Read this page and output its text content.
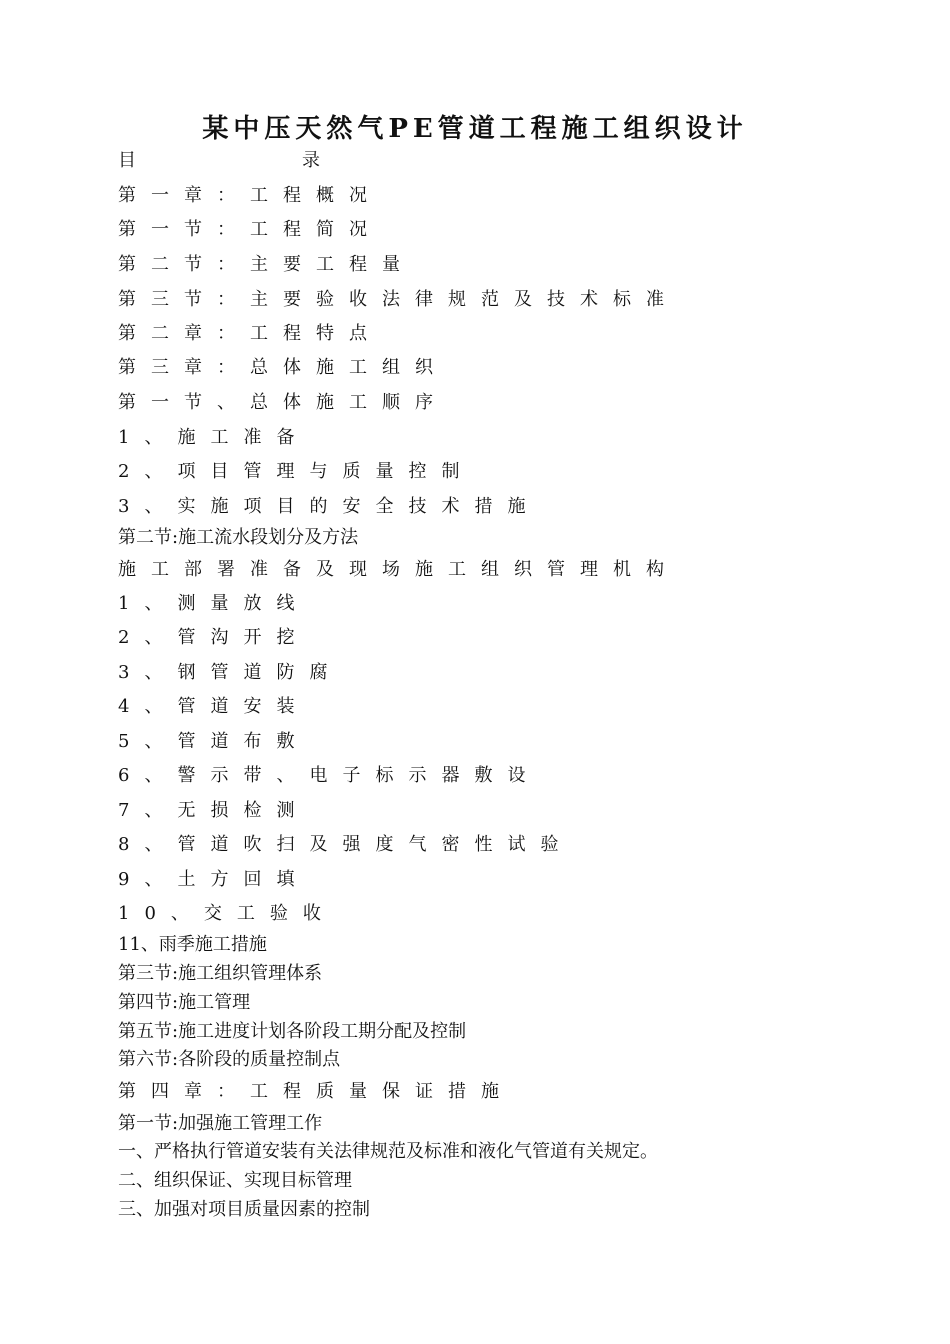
某中压天然气PE管道工程施工组织设计
目	录
第一章：工程概况
第一节：工程简况
第二节：主要工程量
第三节：主要验收法律规范及技术标准
第二章：工程特点
第三章：总体施工组织
第一节、总体施工顺序
1、施工准备
2、项目管理与质量控制
3、实施项目的安全技术措施
第二节:施工流水段划分及方法
施工部署准备及现场施工组织管理机构
1、测量放线
2、管沟开挖
3、钢管道防腐
4、管道安装
5、管道布敷
6、警示带、电子标示器敷设
7、无损检测
8、管道吹扫及强度气密性试验
9、土方回填
10、交工验收
11、雨季施工措施
第三节:施工组织管理体系
第四节:施工管理
第五节:施工进度计划各阶段工期分配及控制
第六节:各阶段的质量控制点
第四章：工程质量保证措施
第一节:加强施工管理工作
一、严格执行管道安装有关法律规范及标准和液化气管道有关规定。
二、组织保证、实现目标管理
三、加强对项目质量因素的控制
